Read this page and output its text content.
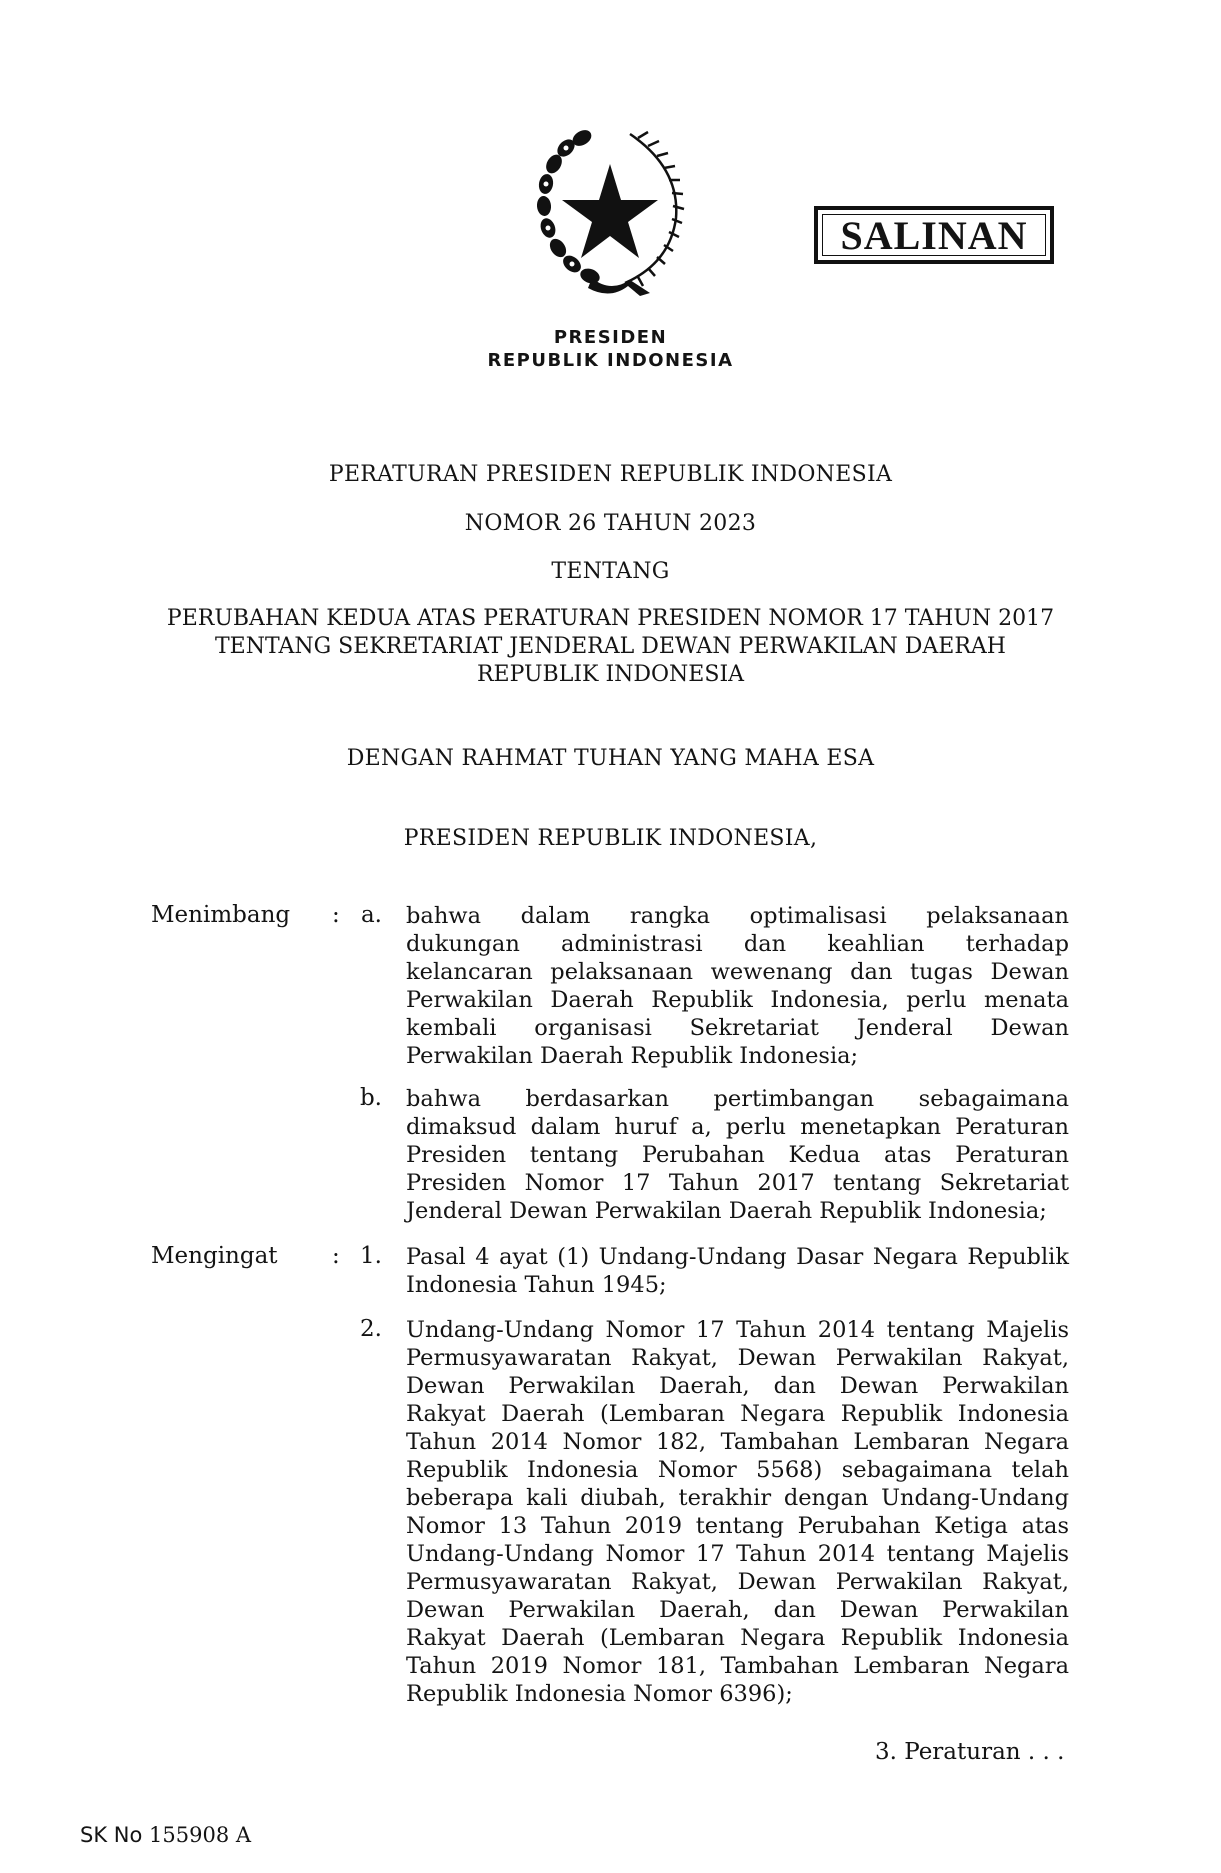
SALINAN
PRESIDEN
REPUBLIK INDONESIA
PERATURAN PRESIDEN REPUBLIK INDONESIA
NOMOR 26 TAHUN 2023
TENTANG
PERUBAHAN KEDUA ATAS PERATURAN PRESIDEN NOMOR 17 TAHUN 2017
TENTANG SEKRETARIAT JENDERAL DEWAN PERWAKILAN DAERAH
REPUBLIK INDONESIA
DENGAN RAHMAT TUHAN YANG MAHA ESA
PRESIDEN REPUBLIK INDONESIA,
Menimbang : a. bahwa dalam rangka optimalisasi pelaksanaan
dukungan administrasi dan keahlian terhadap
kelancaran pelaksanaan wewenang dan tugas Dewan
Perwakilan Daerah Republik Indonesia, perlu menata
kembali organisasi Sekretariat Jenderal Dewan
Perwakilan Daerah Republik Indonesia;
b. bahwa berdasarkan pertimbangan sebagaimana
dimaksud dalam huruf a, perlu menetapkan Peraturan
Presiden tentang Perubahan Kedua atas Peraturan
Presiden Nomor 17 Tahun 2017 tentang Sekretariat
Jenderal Dewan Perwakilan Daerah Republik Indonesia;
Mengingat : 1. Pasal 4 ayat (1) Undang-Undang Dasar Negara Republik
Indonesia Tahun 1945;
2. Undang-Undang Nomor 17 Tahun 2014 tentang Majelis
Permusyawaratan Rakyat, Dewan Perwakilan Rakyat,
Dewan Perwakilan Daerah, dan Dewan Perwakilan
Rakyat Daerah (Lembaran Negara Republik Indonesia
Tahun 2014 Nomor 182, Tambahan Lembaran Negara
Republik Indonesia Nomor 5568) sebagaimana telah
beberapa kali diubah, terakhir dengan Undang-Undang
Nomor 13 Tahun 2019 tentang Perubahan Ketiga atas
Undang-Undang Nomor 17 Tahun 2014 tentang Majelis
Permusyawaratan Rakyat, Dewan Perwakilan Rakyat,
Dewan Perwakilan Daerah, dan Dewan Perwakilan
Rakyat Daerah (Lembaran Negara Republik Indonesia
Tahun 2019 Nomor 181, Tambahan Lembaran Negara
Republik Indonesia Nomor 6396);
3. Peraturan . . .
SK No 155908 A
